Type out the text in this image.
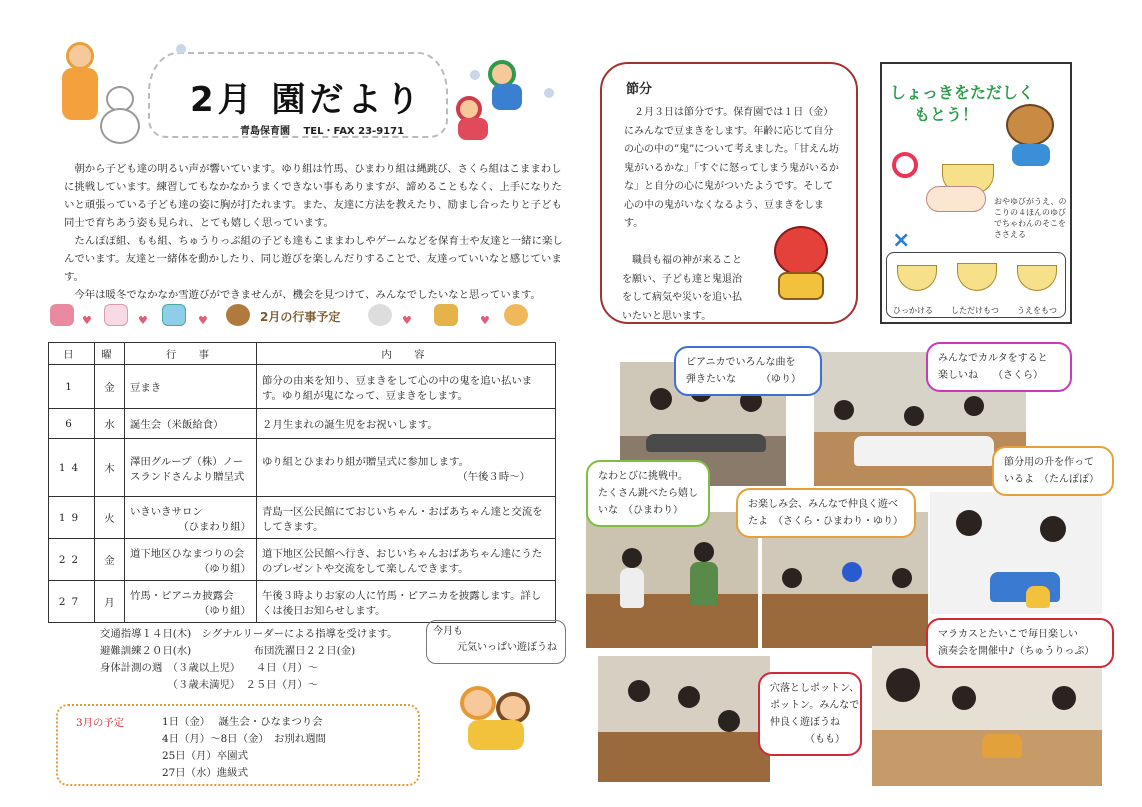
2月 園だより
青島保育園 TEL・FAX 23-9171

朝から子ども達の明るい声が響いています。ゆり組は竹馬、ひまわり組は縄跳び、さくら組はこままわしに挑戦しています。練習してもなかなかうまくできない事もありますが、諦めることもなく、上手になりたいと頑張っている子ども達の姿に胸が打たれます。また、友達に方法を教えたり、励まし合ったりと子ども同士で育ちあう姿も見られ、とても嬉しく思っています。

たんぽぽ組、もも組、ちゅうりっぷ組の子ども達もこままわしやゲームなどを保育士や友達と一緒に楽しんでいます。友達と一緒体を動かしたり、同じ遊びを楽しんだりすることで、友達っていいなと感じています。

今年は暖冬でなかなか雪遊びができませんが、機会を見つけて、みんなでしたいなと思っています。

♥	♥	♥	2月の行事予定	♥	♥
日	曜	行　事	内　容
1	金	豆まき	節分の由来を知り、豆まきをして心の中の鬼を追い払います。ゆり組が鬼になって、豆まきをします。
6	水	誕生会（米飯給食）	２月生まれの誕生児をお祝いします。
14	木	澤田グループ（株）ノースランドさんより贈呈式	ゆり組とひまわり組が贈呈式に参加します。
（午後３時～）

19	火	いきいきサロン
（ひまわり組）	青島一区公民館にておじいちゃん・おばあちゃん達と交流をしてきます。
22	金	道下地区ひなまつりの会
（ゆり組）	道下地区公民館へ行き、おじいちゃんおばあちゃん達にうたのプレゼントや交流をして楽しんできます。
27	月	竹馬・ピアニカ披露会
（ゆり組）	午後３時よりお家の人に竹馬・ピアニカを披露します。詳しくは後日お知らせします。
交通指導１４日(木)　シグナルリーダーによる指導を受けます。
避難訓練２０日(水)　　　　　　布団洗濯日２２日(金)
身体計測の週　（３歳以上児）　　４日（月）～
　　　　　　　（３歳未満児）　２５日（月）～
今月も
元気いっぱい遊ぼうね
3月の予定	1日（金）　 誕生会・ひなまつり会
4日（月）～8日（金）　お別れ週間
25日（月）卒園式
27日（水）進級式
節分
２月３日は節分です。保育園では１日（金）にみんなで豆まきをします。年齢に応じて自分の心の中の”鬼”について考えました。「甘えん坊鬼がいるかな」「すぐに怒ってしまう鬼がいるかな」と自分の心に鬼がついたようです。そして心の中の鬼がいなくなるよう、豆まきをします。
職員も福の神が来ることを願い、子ども達と鬼退治をして病気や災いを追い払いたいと思います。
しょっきをただしく
もとう！
おやゆびがうえ、のこりの４ほんのゆびでちゃわんのそこをささえる
×
ひっかける しただけもつ うえをもつ
ピアニカでいろんな曲を
弾きたいな　　　（ゆり）
みんなでカルタをすると
楽しいね　　（さくら）
なわとびに挑戦中。
たくさん跳べたら嬉し
いな　（ひまわり）
節分用の升を作って
いるよ　（たんぽぽ）
お楽しみ会、みんなで仲良く遊べ
たよ　（さくら・ひまわり・ゆり）
マラカスとたいこで毎日楽しい
演奏会を開催中♪（ちゅうりっぷ）
穴落としポットン、
ポットン。みんなで
仲良く遊ぼうね
　　　　（もも）
